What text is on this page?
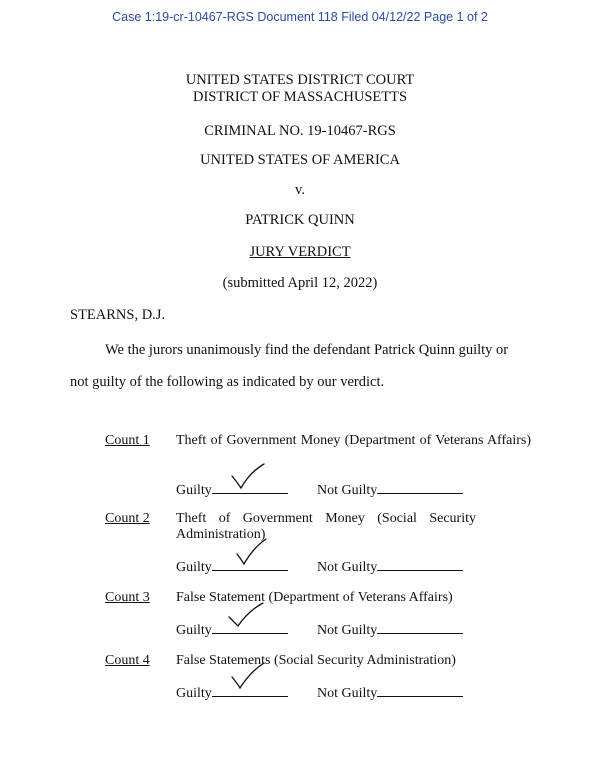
Case 1:19-cr-10467-RGS Document 118 Filed 04/12/22 Page 1 of 2
UNITED STATES DISTRICT COURT
DISTRICT OF MASSACHUSETTS
CRIMINAL NO. 19-10467-RGS
UNITED STATES OF AMERICA
v.
PATRICK QUINN
JURY VERDICT
(submitted April 12, 2022)
STEARNS, D.J.
We the jurors unanimously find the defendant Patrick Quinn guilty or
not guilty of the following as indicated by our verdict.
Count 1 Theft of Government Money (Department of Veterans Affairs)
Guilty	Not Guilty
Count 2 Theft of Government Money (Social Security Administration)
Guilty	Not Guilty
Count 3 False Statement (Department of Veterans Affairs)
Guilty	Not Guilty
Count 4 False Statements (Social Security Administration)
Guilty	Not Guilty
